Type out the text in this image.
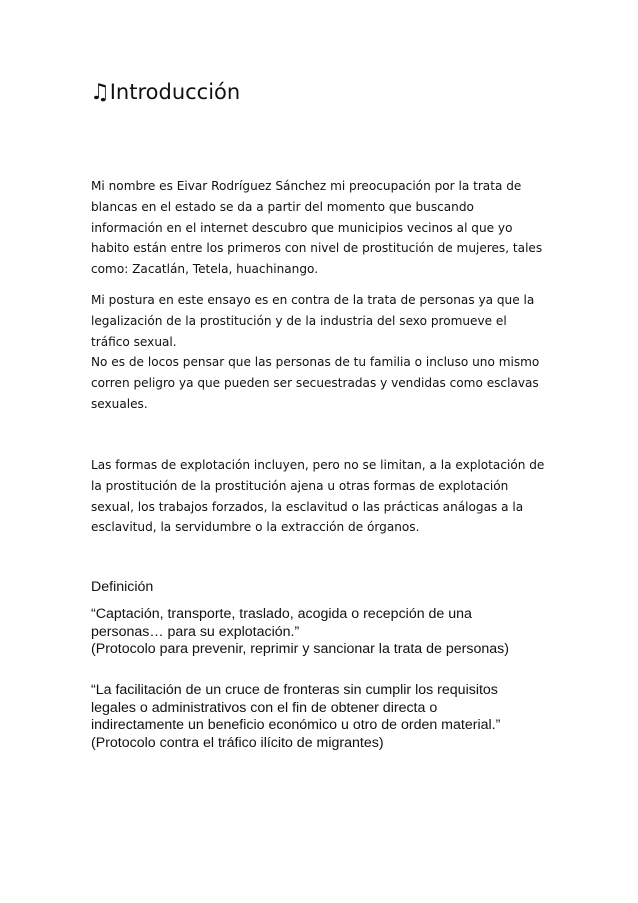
♫Introducción

Mi nombre es Eivar Rodríguez Sánchez mi preocupación por la trata de
blancas en el estado se da a partir del momento que buscando
información en el internet descubro que municipios vecinos al que yo
habito están entre los primeros con nivel de prostitución de mujeres, tales
como: Zacatlán, Tetela, huachinango.

Mi postura en este ensayo es en contra de la trata de personas ya que la
legalización de la prostitución y de la industria del sexo promueve el
tráfico sexual.
No es de locos pensar que las personas de tu familia o incluso uno mismo
corren peligro ya que pueden ser secuestradas y vendidas como esclavas
sexuales.

Las formas de explotación incluyen, pero no se limitan, a la explotación de
la prostitución de la prostitución ajena u otras formas de explotación
sexual, los trabajos forzados, la esclavitud o las prácticas análogas a la
esclavitud, la servidumbre o la extracción de órganos.

Definición

“Captación, transporte, traslado, acogida o recepción de una
personas… para su explotación.”
(Protocolo para prevenir, reprimir y sancionar la trata de personas)

“La facilitación de un cruce de fronteras sin cumplir los requisitos
legales o administrativos con el fin de obtener directa o
indirectamente un beneficio económico u otro de orden material.”
(Protocolo contra el tráfico ilícito de migrantes)
